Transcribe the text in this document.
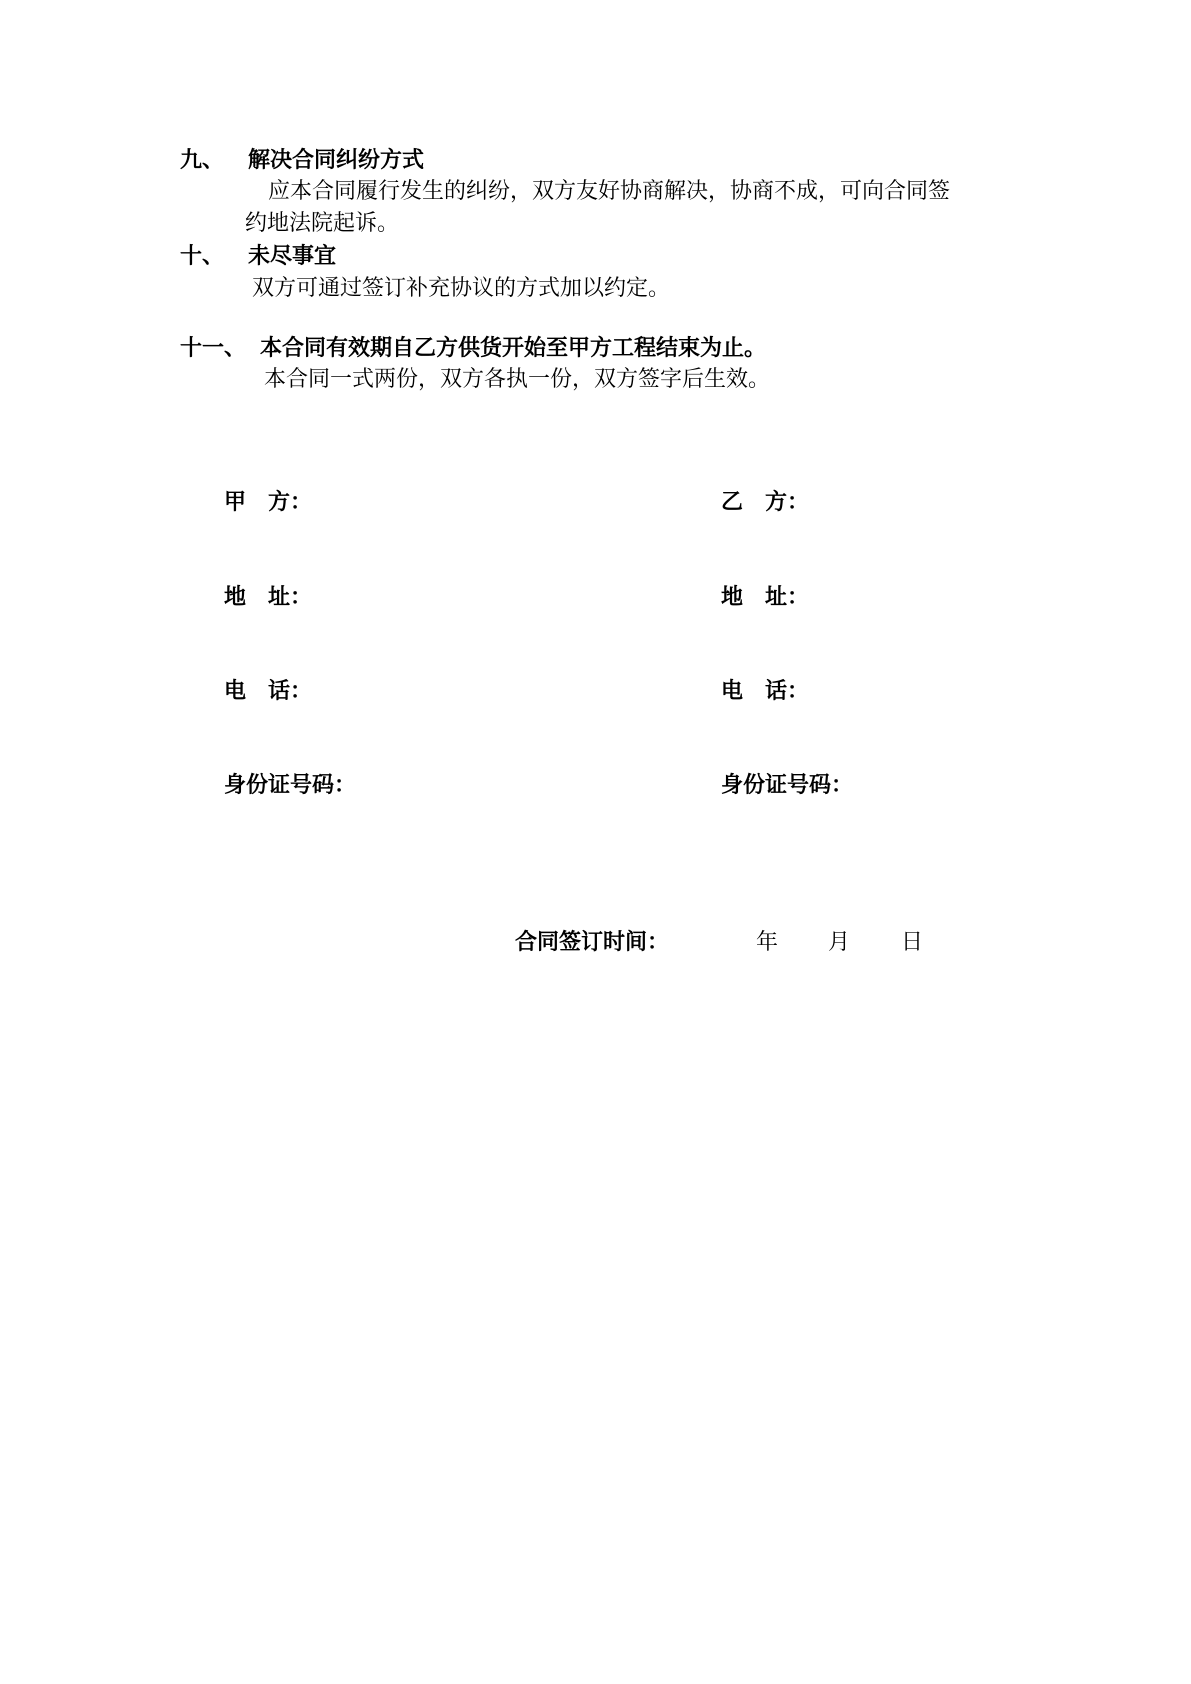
九、 解决合同纠纷方式
应本合同履行发生的纠纷，双方友好协商解决，协商不成，可向合同签
约地法院起诉。
十、 未尽事宜
双方可通过签订补充协议的方式加以约定。
十一、 本合同有效期自乙方供货开始至甲方工程结束为止。
本合同一式两份，双方各执一份，双方签字后生效。
甲　方：
地　址：
电　话：
身份证号码：
乙　方：
地　址：
电　话：
身份证号码：
合同签订时间：	年 月 日
